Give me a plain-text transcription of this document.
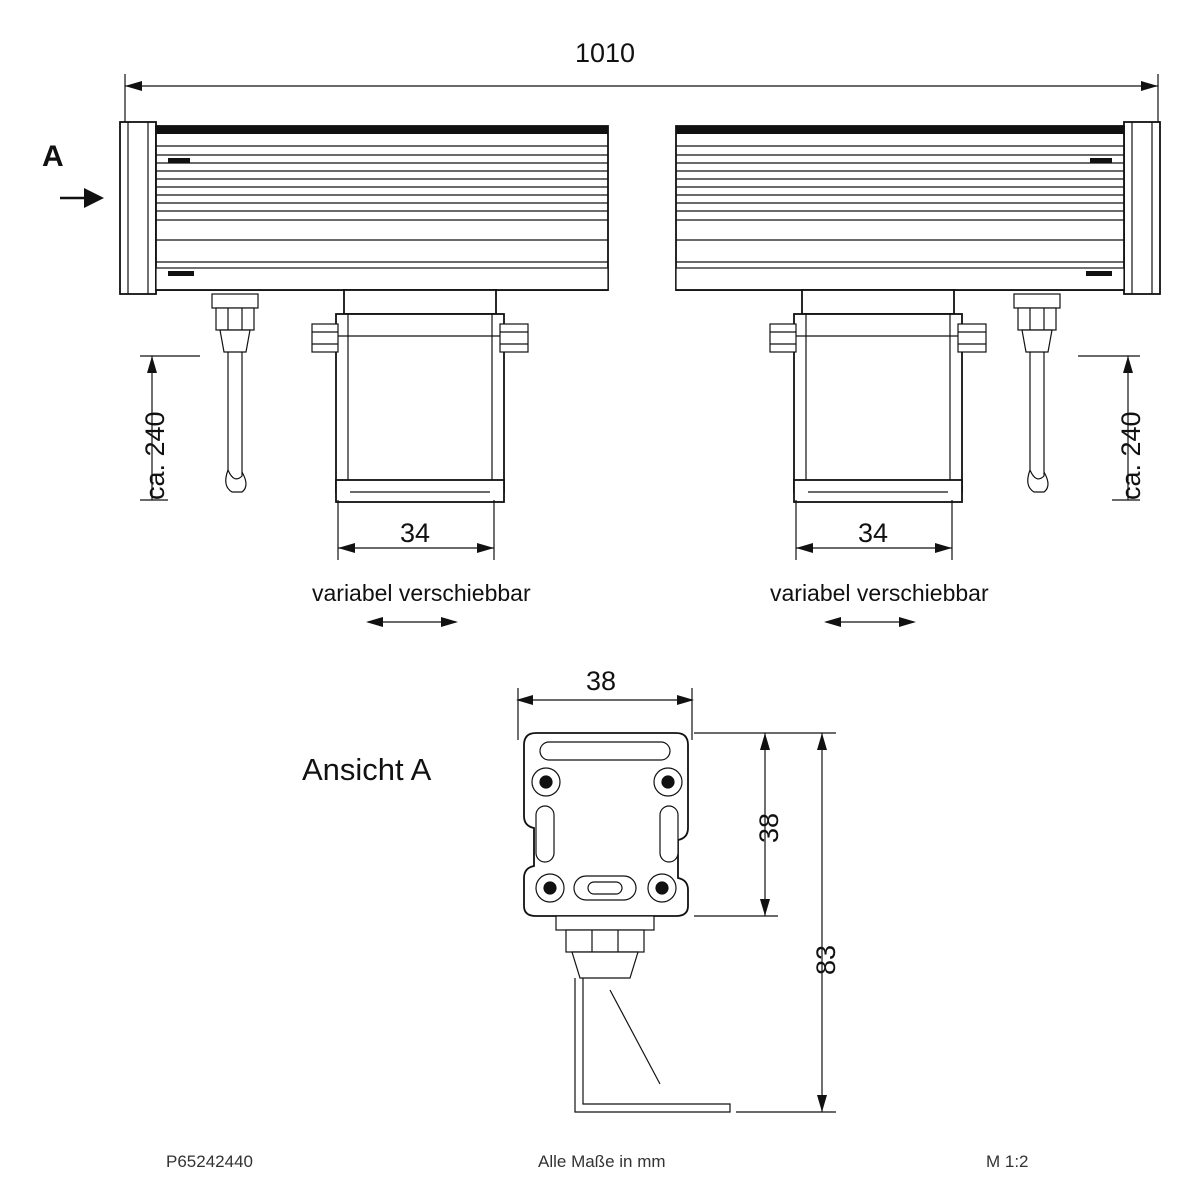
1010
A
ca. 240	ca. 240
34	34
variabel verschiebbar	variabel verschiebbar
Ansicht A
38
38
83
P65242440	Alle Maße in mm	M 1:2
